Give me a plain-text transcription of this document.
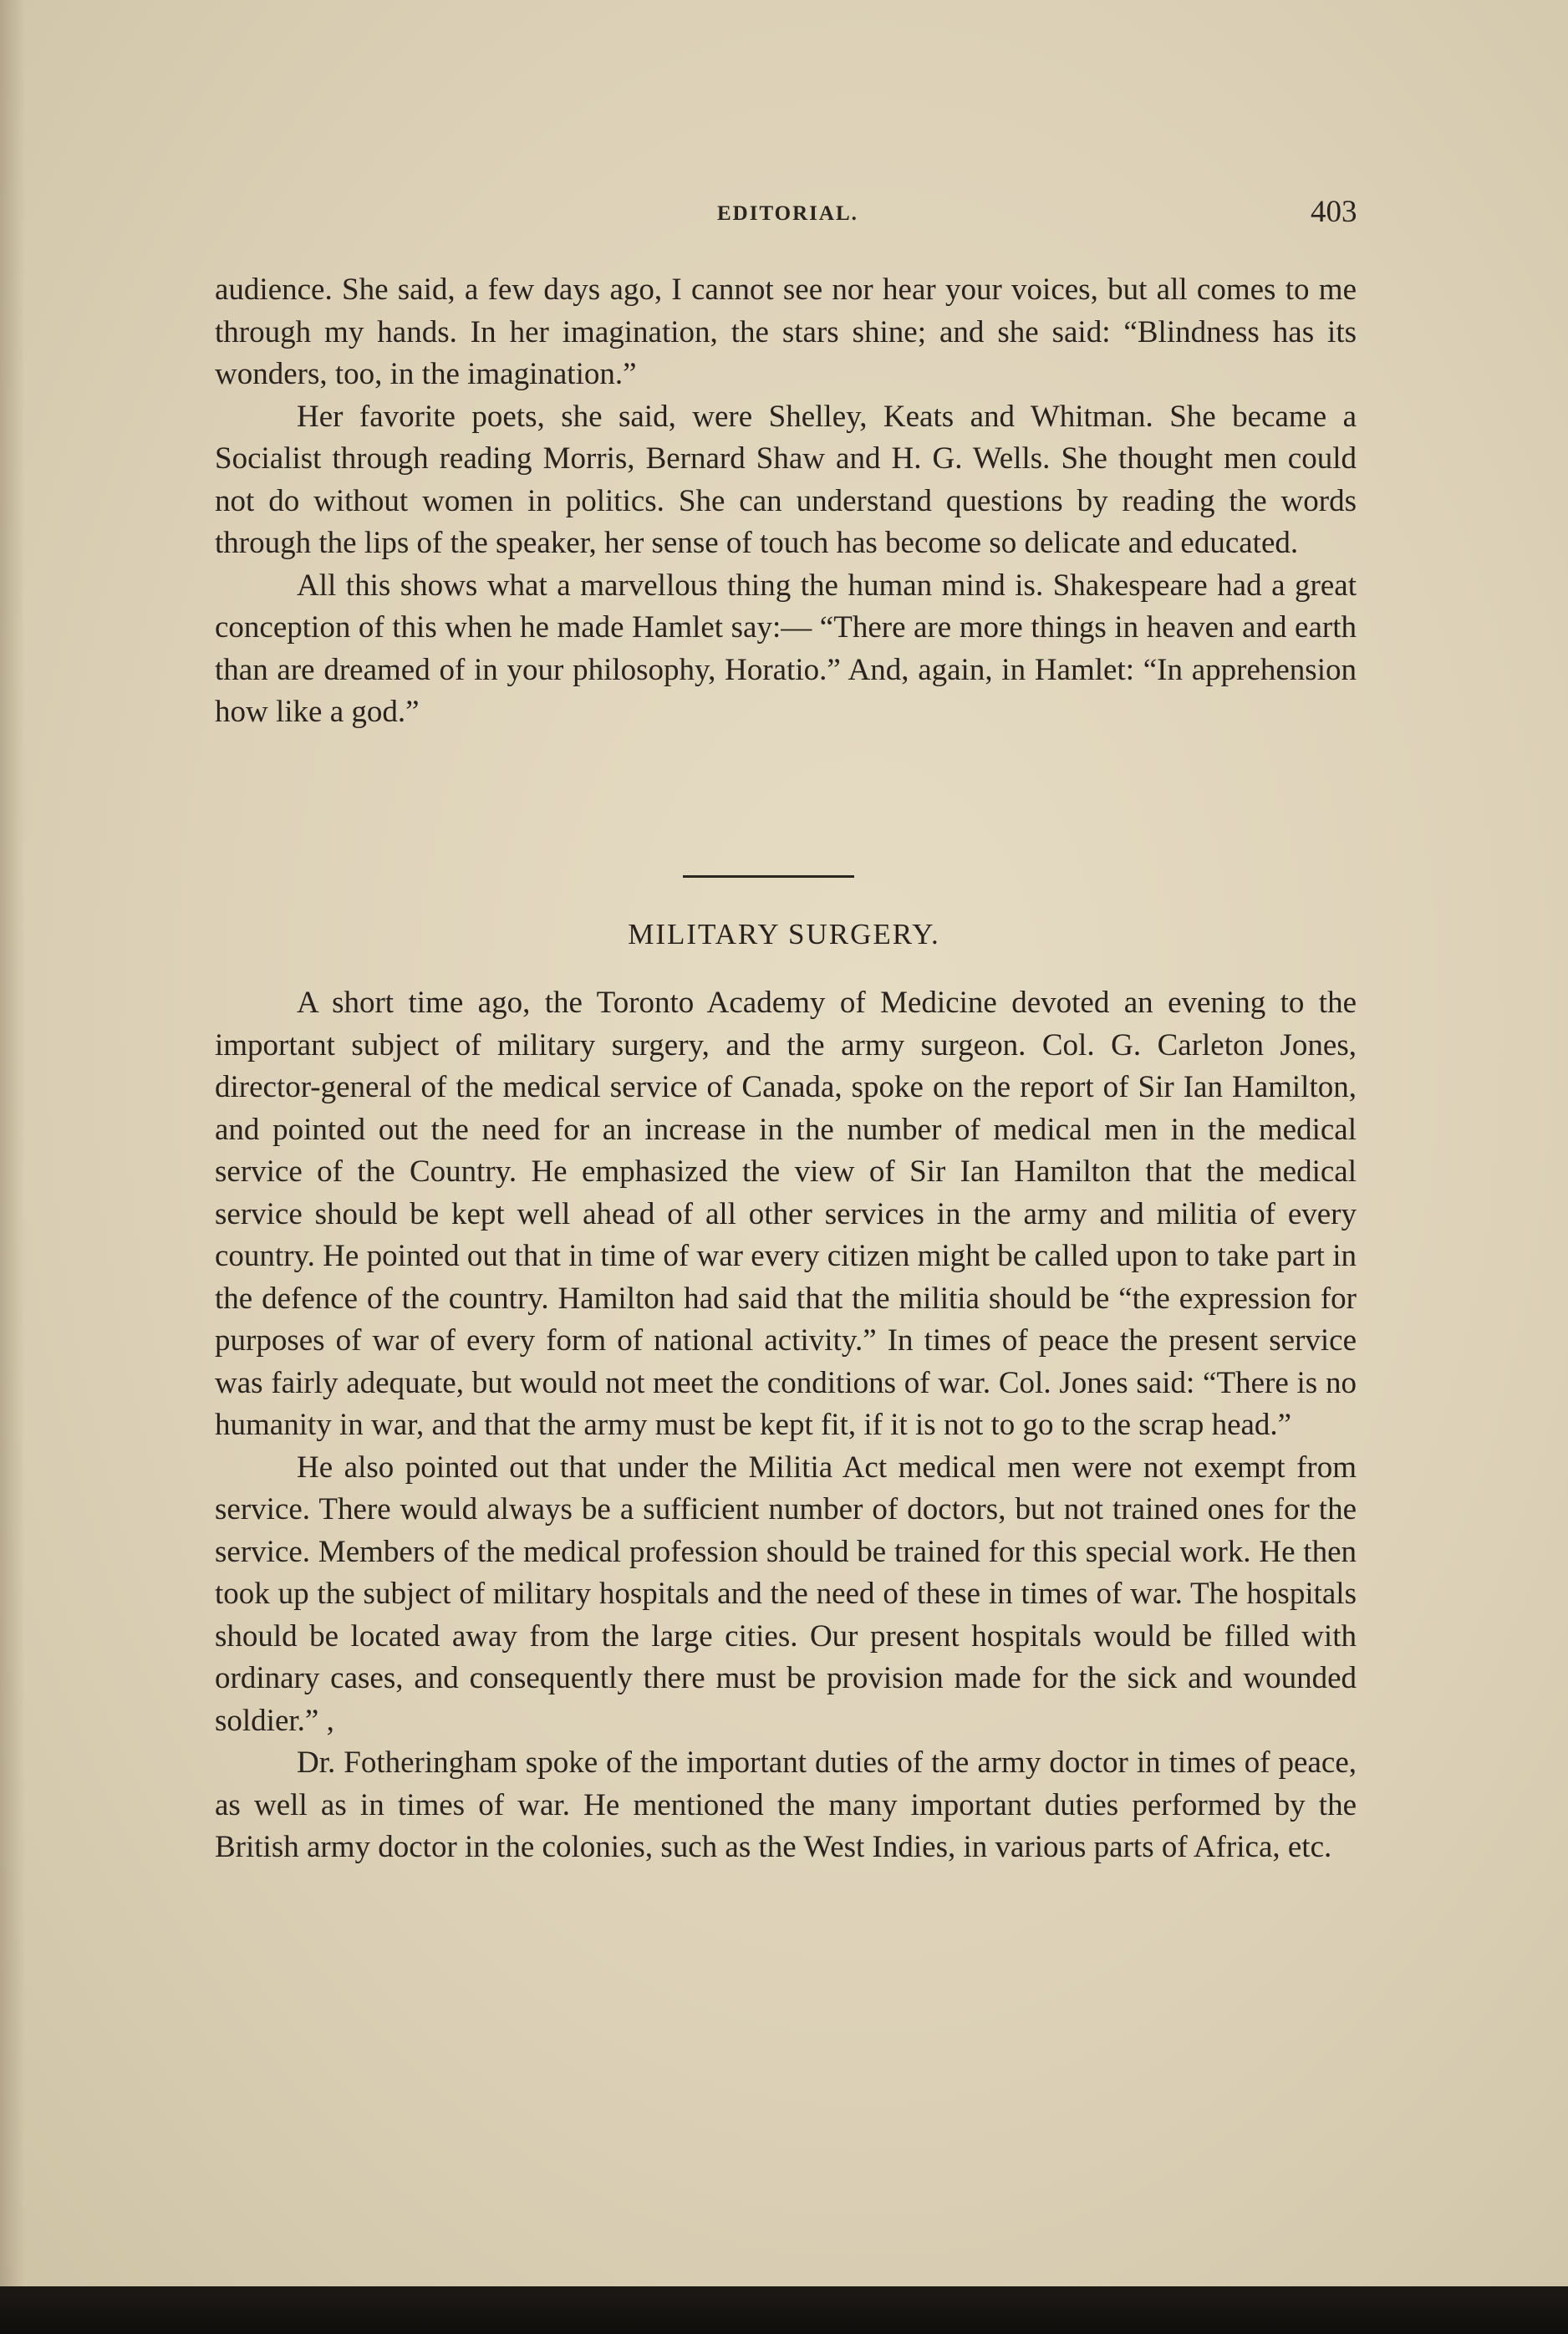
EDITORIAL.	403

audience. She said, a few days ago, I cannot see nor hear your voices, but all comes to me through my hands. In her imagination, the stars shine; and she said: “Blindness has its wonders, too, in the imagination.”

Her favorite poets, she said, were Shelley, Keats and Whitman. She became a Socialist through reading Morris, Bernard Shaw and H. G. Wells. She thought men could not do without women in politics. She can understand questions by reading the words through the lips of the speaker, her sense of touch has become so delicate and educated.

All this shows what a marvellous thing the human mind is. Shakespeare had a great conception of this when he made Hamlet say:— “There are more things in heaven and earth than are dreamed of in your philosophy, Horatio.” And, again, in Hamlet: “In apprehension how like a god.”

MILITARY SURGERY.

A short time ago, the Toronto Academy of Medicine devoted an evening to the important subject of military surgery, and the army surgeon. Col. G. Carleton Jones, director-general of the medical service of Canada, spoke on the report of Sir Ian Hamilton, and pointed out the need for an increase in the number of medical men in the medical service of the Country. He emphasized the view of Sir Ian Hamilton that the medical service should be kept well ahead of all other services in the army and militia of every country. He pointed out that in time of war every citizen might be called upon to take part in the defence of the country. Hamilton had said that the militia should be “the expression for purposes of war of every form of national activity.” In times of peace the present service was fairly adequate, but would not meet the conditions of war. Col. Jones said: “There is no humanity in war, and that the army must be kept fit, if it is not to go to the scrap head.”

He also pointed out that under the Militia Act medical men were not exempt from service. There would always be a sufficient number of doctors, but not trained ones for the service. Members of the medical profession should be trained for this special work. He then took up the subject of military hospitals and the need of these in times of war. The hospitals should be located away from the large cities. Our present hospitals would be filled with ordinary cases, and consequently there must be provision made for the sick and wounded soldier.” ,

Dr. Fotheringham spoke of the important duties of the army doctor in times of peace, as well as in times of war. He mentioned the many important duties performed by the British army doctor in the colonies, such as the West Indies, in various parts of Africa, etc.
